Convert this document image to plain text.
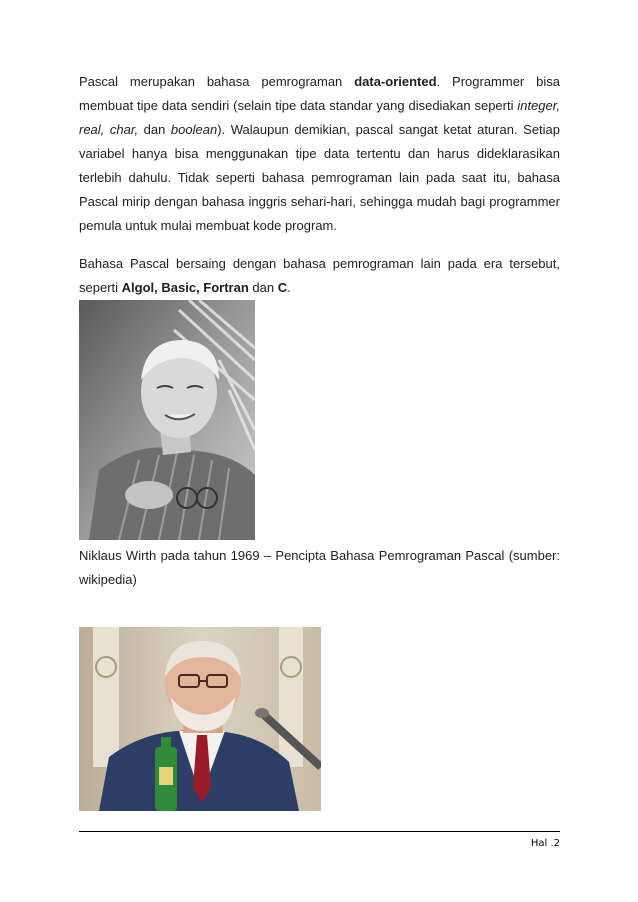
Pascal merupakan bahasa pemrograman data-oriented. Programmer bisa membuat tipe data sendiri (selain tipe data standar yang disediakan seperti integer, real, char, dan boolean). Walaupun demikian, pascal sangat ketat aturan. Setiap variabel hanya bisa menggunakan tipe data tertentu dan harus dideklarasikan terlebih dahulu. Tidak seperti bahasa pemrograman lain pada saat itu, bahasa Pascal mirip dengan bahasa inggris sehari-hari, sehingga mudah bagi programmer pemula untuk mulai membuat kode program.

Bahasa Pascal bersaing dengan bahasa pemrograman lain pada era tersebut, seperti Algol, Basic, Fortran dan C.

Niklaus Wirth pada tahun 1969 – Pencipta Bahasa Pemrograman Pascal (sumber: wikipedia)

Hal .2
